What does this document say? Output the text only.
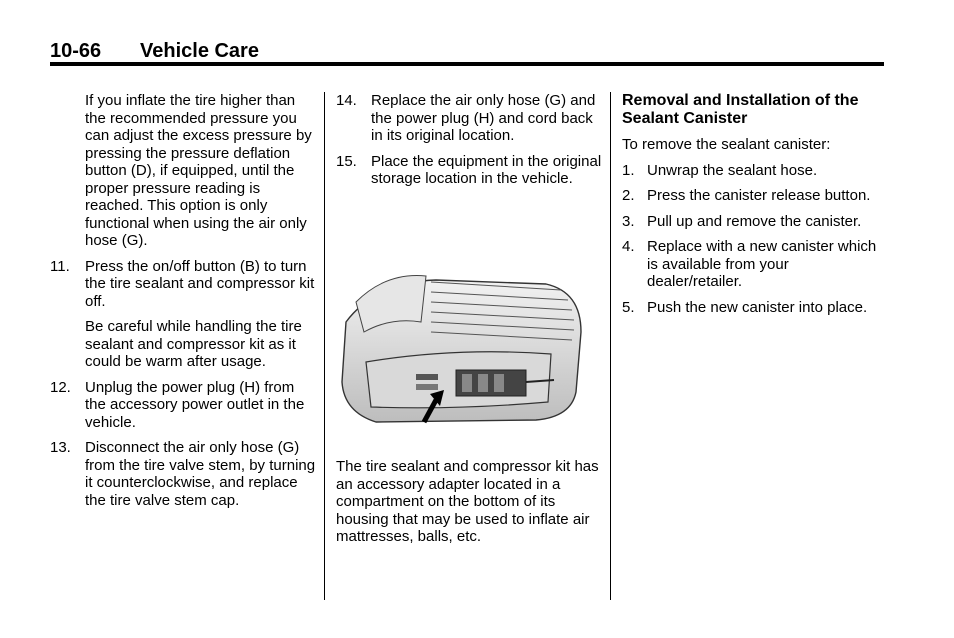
10-66 Vehicle Care
If you inflate the tire higher than the recommended pressure you can adjust the excess pressure by pressing the pressure deflation button (D), if equipped, until the proper pressure reading is reached. This option is only functional when using the air only hose (G).
11. Press the on/off button (B) to turn the tire sealant and compressor kit off.
Be careful while handling the tire sealant and compressor kit as it could be warm after usage.
12. Unplug the power plug (H) from the accessory power outlet in the vehicle.
13. Disconnect the air only hose (G) from the tire valve stem, by turning it counterclockwise, and replace the tire valve stem cap.
14. Replace the air only hose (G) and the power plug (H) and cord back in its original location.
15. Place the equipment in the original storage location in the vehicle.
The tire sealant and compressor kit has an accessory adapter located in a compartment on the bottom of its housing that may be used to inflate air mattresses, balls, etc.
Removal and Installation of the Sealant Canister
To remove the sealant canister:
1. Unwrap the sealant hose.
2. Press the canister release button.
3. Pull up and remove the canister.
4. Replace with a new canister which is available from your dealer/retailer.
5. Push the new canister into place.
